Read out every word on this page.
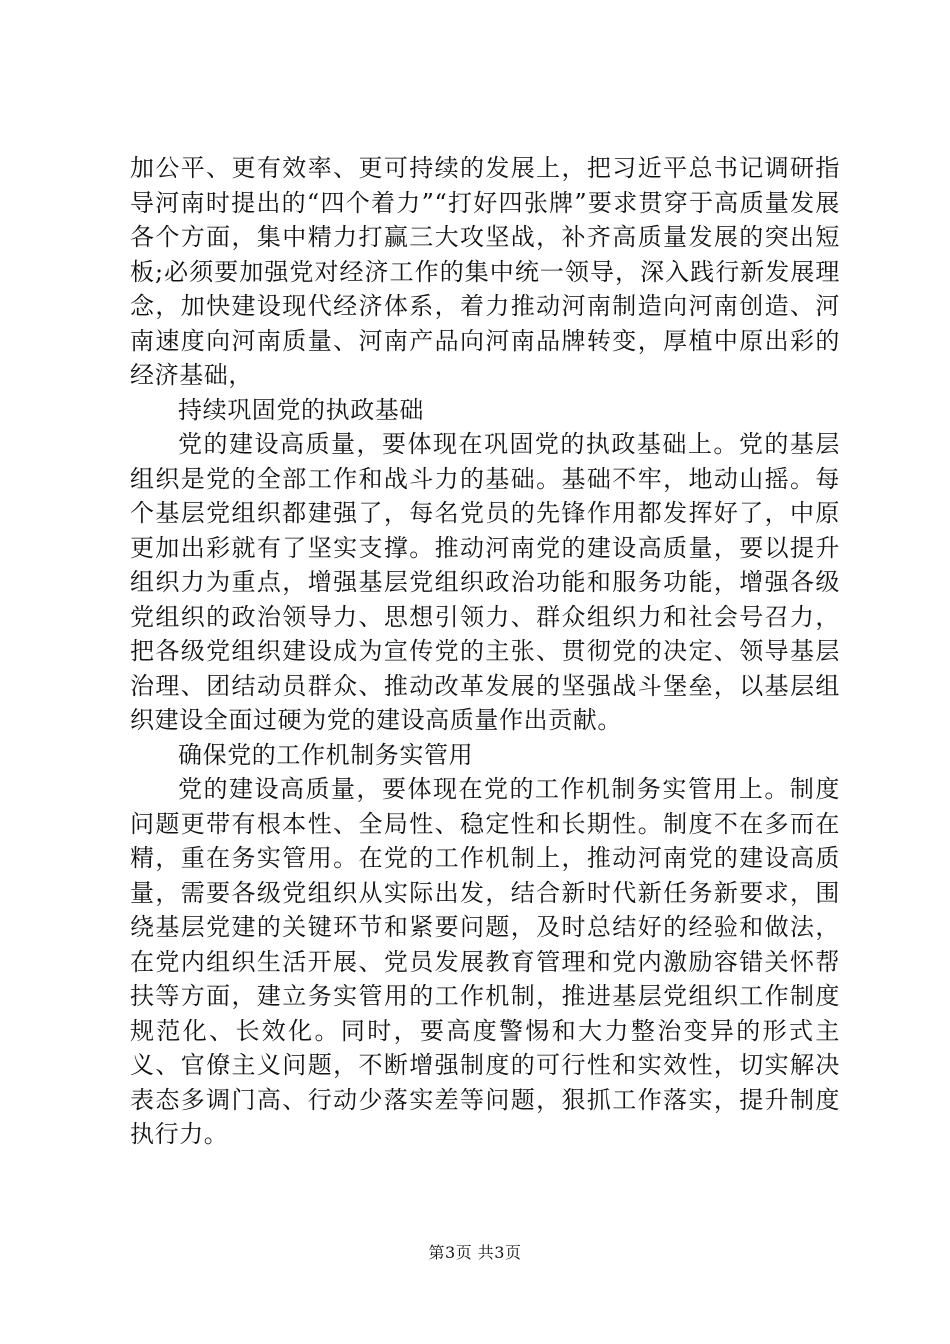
加公平、更有效率、更可持续的发展上，把习近平总书记调研指导河南时提出的“四个着力”“打好四张牌”要求贯穿于高质量发展各个方面，集中精力打赢三大攻坚战，补齐高质量发展的突出短板;必须要加强党对经济工作的集中统一领导，深入践行新发展理念，加快建设现代经济体系，着力推动河南制造向河南创造、河南速度向河南质量、河南产品向河南品牌转变，厚植中原出彩的经济基础，

持续巩固党的执政基础

党的建设高质量，要体现在巩固党的执政基础上。党的基层组织是党的全部工作和战斗力的基础。基础不牢，地动山摇。每个基层党组织都建强了，每名党员的先锋作用都发挥好了，中原更加出彩就有了坚实支撑。推动河南党的建设高质量，要以提升组织力为重点，增强基层党组织政治功能和服务功能，增强各级党组织的政治领导力、思想引领力、群众组织力和社会号召力，把各级党组织建设成为宣传党的主张、贯彻党的决定、领导基层治理、团结动员群众、推动改革发展的坚强战斗堡垒，以基层组织建设全面过硬为党的建设高质量作出贡献。

确保党的工作机制务实管用

党的建设高质量，要体现在党的工作机制务实管用上。制度问题更带有根本性、全局性、稳定性和长期性。制度不在多而在精，重在务实管用。在党的工作机制上，推动河南党的建设高质量，需要各级党组织从实际出发，结合新时代新任务新要求，围绕基层党建的关键环节和紧要问题，及时总结好的经验和做法，在党内组织生活开展、党员发展教育管理和党内激励容错关怀帮扶等方面，建立务实管用的工作机制，推进基层党组织工作制度规范化、长效化。同时，要高度警惕和大力整治变异的形式主义、官僚主义问题，不断增强制度的可行性和实效性，切实解决表态多调门高、行动少落实差等问题，狠抓工作落实，提升制度执行力。

第3页 共3页
